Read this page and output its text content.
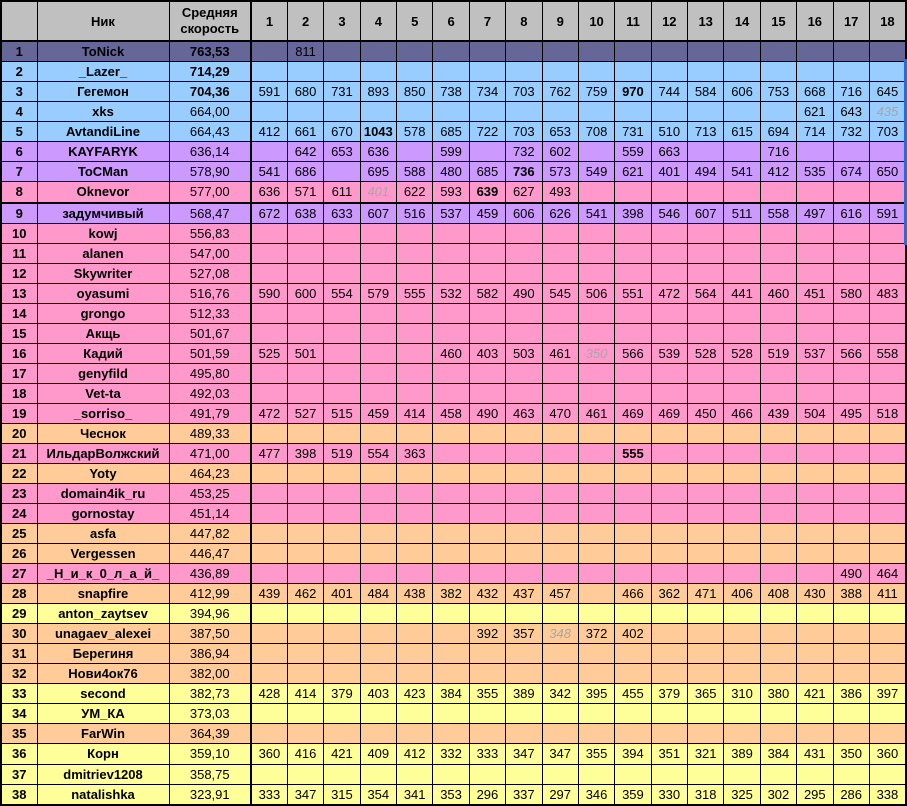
	Ник	Средняя скорость	1	2	3	4	5	6	7	8	9	10	11	12	13	14	15	16	17	18
1	ToNick	763,53		811																
2	_Lazer_	714,29																		
3	Гегемон	704,36	591	680	731	893	850	738	734	703	762	759	970	744	584	606	753	668	716	645
4	xks	664,00																621	643	435
5	AvtandiLine	664,43	412	661	670	1043	578	685	722	703	653	708	731	510	713	615	694	714	732	703
6	KAYFARYK	636,14		642	653	636		599		732	602		559	663			716			
7	ToCMan	578,90	541	686		695	588	480	685	736	573	549	621	401	494	541	412	535	674	650
8	Oknevor	577,00	636	571	611	401	622	593	639	627	493									
9	задумчивый	568,47	672	638	633	607	516	537	459	606	626	541	398	546	607	511	558	497	616	591
10	kowj	556,83																		
11	alanen	547,00																		
12	Skywriter	527,08																		
13	oyasumi	516,76	590	600	554	579	555	532	582	490	545	506	551	472	564	441	460	451	580	483
14	grongo	512,33																		
15	Акщь	501,67																		
16	Кадий	501,59	525	501				460	403	503	461	350	566	539	528	528	519	537	566	558
17	genyfild	495,80																		
18	Vet-ta	492,03																		
19	_sorriso_	491,79	472	527	515	459	414	458	490	463	470	461	469	469	450	466	439	504	495	518
20	Чеснок	489,33																		
21	ИльдарВолжский	471,00	477	398	519	554	363						555							
22	Yoty	464,23																		
23	domain4ik_ru	453,25																		
24	gornostay	451,14																		
25	asfa	447,82																		
26	Vergessen	446,47																		
27	_Н_и_к_0_л_а_й_	436,89																	490	464
28	snapfire	412,99	439	462	401	484	438	382	432	437	457		466	362	471	406	408	430	388	411
29	anton_zaytsev	394,96																		
30	unagaev_alexei	387,50							392	357	348	372	402							
31	Берегиня	386,94																		
32	Нови4ок76	382,00																		
33	second	382,73	428	414	379	403	423	384	355	389	342	395	455	379	365	310	380	421	386	397
34	УМ_КА	373,03																		
35	FarWin	364,39																		
36	Корн	359,10	360	416	421	409	412	332	333	347	347	355	394	351	321	389	384	431	350	360
37	dmitriev1208	358,75																		
38	natalishka	323,91	333	347	315	354	341	353	296	337	297	346	359	330	318	325	302	295	286	338
